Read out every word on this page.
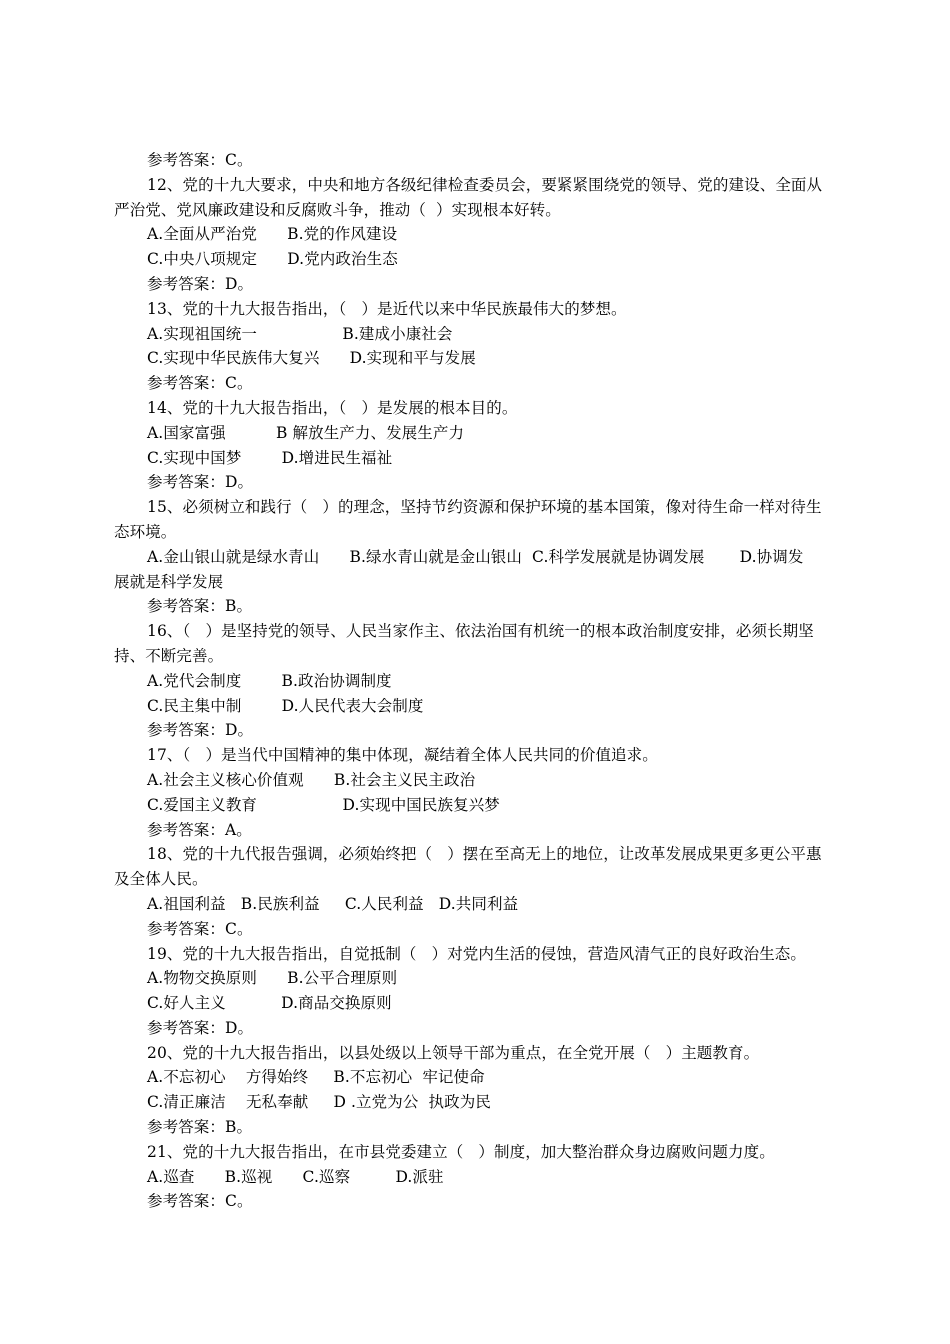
参考答案：C。
12、党的十九大要求，中央和地方各级纪律检查委员会，要紧紧围绕党的领导、党的建设、全面从
严治党、党风廉政建设和反腐败斗争，推动（  ）实现根本好转。
A.全面从严治党      B.党的作风建设
C.中央八项规定      D.党内政治生态
参考答案：D。
13、党的十九大报告指出，（   ）是近代以来中华民族最伟大的梦想。
A.实现祖国统一                 B.建成小康社会
C.实现中华民族伟大复兴      D.实现和平与发展
参考答案：C。
14、党的十九大报告指出，（   ）是发展的根本目的。
A.国家富强          B 解放生产力、发展生产力
C.实现中国梦        D.增进民生福祉
参考答案：D。
15、必须树立和践行（   ）的理念，坚持节约资源和保护环境的基本国策，像对待生命一样对待生
态环境。
A.金山银山就是绿水青山      B.绿水青山就是金山银山  C.科学发展就是协调发展       D.协调发
展就是科学发展
参考答案：B。
16、（   ）是坚持党的领导、人民当家作主、依法治国有机统一的根本政治制度安排，必须长期坚
持、不断完善。
A.党代会制度        B.政治协调制度
C.民主集中制        D.人民代表大会制度
参考答案：D。
17、（   ）是当代中国精神的集中体现，凝结着全体人民共同的价值追求。
A.社会主义核心价值观      B.社会主义民主政治
C.爱国主义教育                 D.实现中国民族复兴梦
参考答案：A。
18、党的十九代报告强调，必须始终把（   ）摆在至高无上的地位，让改革发展成果更多更公平惠
及全体人民。
A.祖国利益   B.民族利益     C.人民利益   D.共同利益
参考答案：C。
19、党的十九大报告指出，自觉抵制（   ）对党内生活的侵蚀，营造风清气正的良好政治生态。
A.物物交换原则      B.公平合理原则
C.好人主义           D.商品交换原则
参考答案：D。
20、党的十九大报告指出，以县处级以上领导干部为重点，在全党开展（   ）主题教育。
A.不忘初心    方得始终     B.不忘初心  牢记使命
C.清正廉洁    无私奉献     D .立党为公  执政为民
参考答案：B。
21、党的十九大报告指出，在市县党委建立（   ）制度，加大整治群众身边腐败问题力度。
A.巡查      B.巡视      C.巡察         D.派驻
参考答案：C。
